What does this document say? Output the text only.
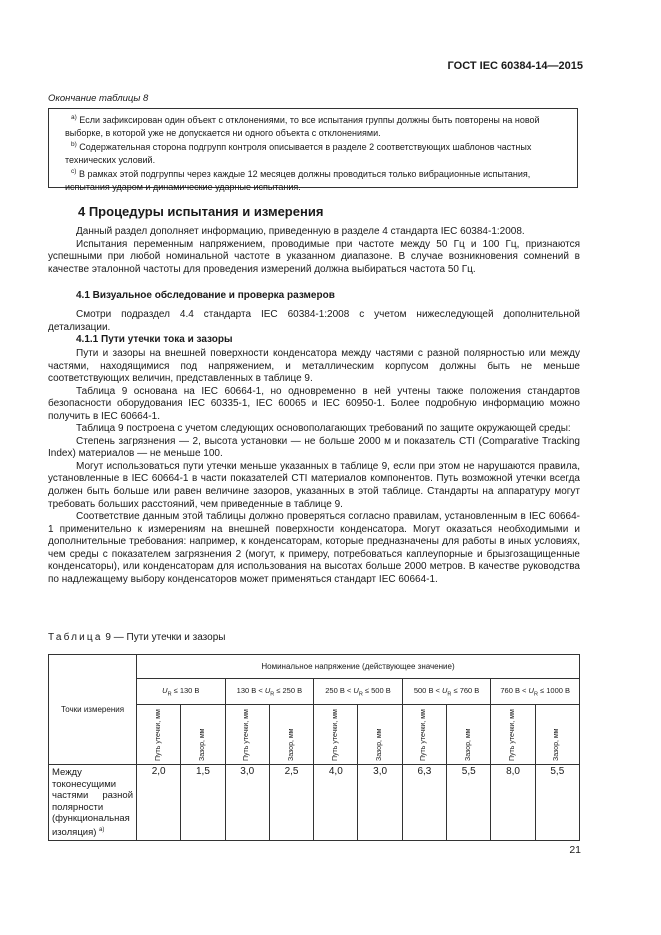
ГОСТ IEC 60384-14—2015
Окончание таблицы 8

$^{a)}$ Если зафиксирован один объект с отклонениями, то все испытания группы должны быть повторены на новой выборке, в которой уже не допускается ни одного объекта с отклонениями.

$^{b)}$ Содержательная сторона подгрупп контроля описывается в разделе 2 соответствующих шаблонов частных технических условий.

$^{c)}$ В рамках этой подгруппы через каждые 12 месяцев должны проводиться только вибрационные испытания, испытания ударом и динамические ударные испытания.

4 Процедуры испытания и измерения

Данный раздел дополняет информацию, приведенную в разделе 4 стандарта IEC 60384-1:2008.

Испытания переменным напряжением, проводимые при частоте между 50 Гц и 100 Гц, признаются успешными при любой номинальной частоте в указанном диапазоне. В случае возникновения сомнений в качестве эталонной частоты для проведения измерений должна выбираться частота 50 Гц.

4.1 Визуальное обследование и проверка размеров

Смотри подраздел 4.4 стандарта IEC 60384-1:2008 с учетом нижеследующей дополнительной детализации.

4.1.1 Пути утечки тока и зазоры

Пути и зазоры на внешней поверхности конденсатора между частями с разной полярностью или между частями, находящимися под напряжением, и металлическим корпусом должны быть не меньше соответствующих величин, представленных в таблице 9.

Таблица 9 основана на IEC 60664-1, но одновременно в ней учтены также положения стандартов безопасности оборудования IEC 60335-1, IEC 60065 и IEC 60950-1. Более подробную информацию можно получить в IEC 60664-1.

Таблица 9 построена с учетом следующих основополагающих требований по защите окружающей среды:

Степень загрязнения — 2, высота установки — не больше 2000 м и показатель CTI (Comparative Tracking Index) материалов — не меньше 100.

Могут использоваться пути утечки меньше указанных в таблице 9, если при этом не нарушаются правила, установленные в IEC 60664-1 в части показателей CTI материалов компонентов. Путь возможной утечки всегда должен быть больше или равен величине зазоров, указанных в этой таблице. Стандарты на аппаратуру могут требовать больших расстояний, чем приведенные в таблице 9.

Соответствие данным этой таблицы должно проверяться согласно правилам, установленным в IEC 60664-1 применительно к измерениям на внешней поверхности конденсатора. Могут оказаться необходимыми и дополнительные требования: например, к конденсаторам, которые предназначены для работы в иных условиях, чем среды с показателем загрязнения 2 (могут, к примеру, потребоваться каплеупорные и брызгозащищенные конденсаторы), или конденсаторам для использования на высотах больше 2000 метров. В качестве руководства по надлежащему выбору конденсаторов может применяться стандарт IEC 60664-1.

Таблица 9 — Пути утечки и зазоры
Точки измерения	Номинальное напряжение (действующее значение)									
	$U_R \le 130$ В		130 $В < U_R \le 250$ В		250 $В < U_R \le 500$ В		500 $В < U_R \le 760$ В		760 $В < U_R \le 1000$ В	

	Путь утечки, мм	Зазор, мм	Путь утечки, мм	Зазор, мм	Путь утечки, мм	Зазор, мм	Путь утечки, мм	Зазор, мм	Путь утечки, мм	Зазор, мм

Между токонесущими частями разной полярности (функциональная изоляция) $^{a)}$	2,0	1,5	3,0	2,5	4,0	3,0	6,3	5,5	8,0	5,5
21
